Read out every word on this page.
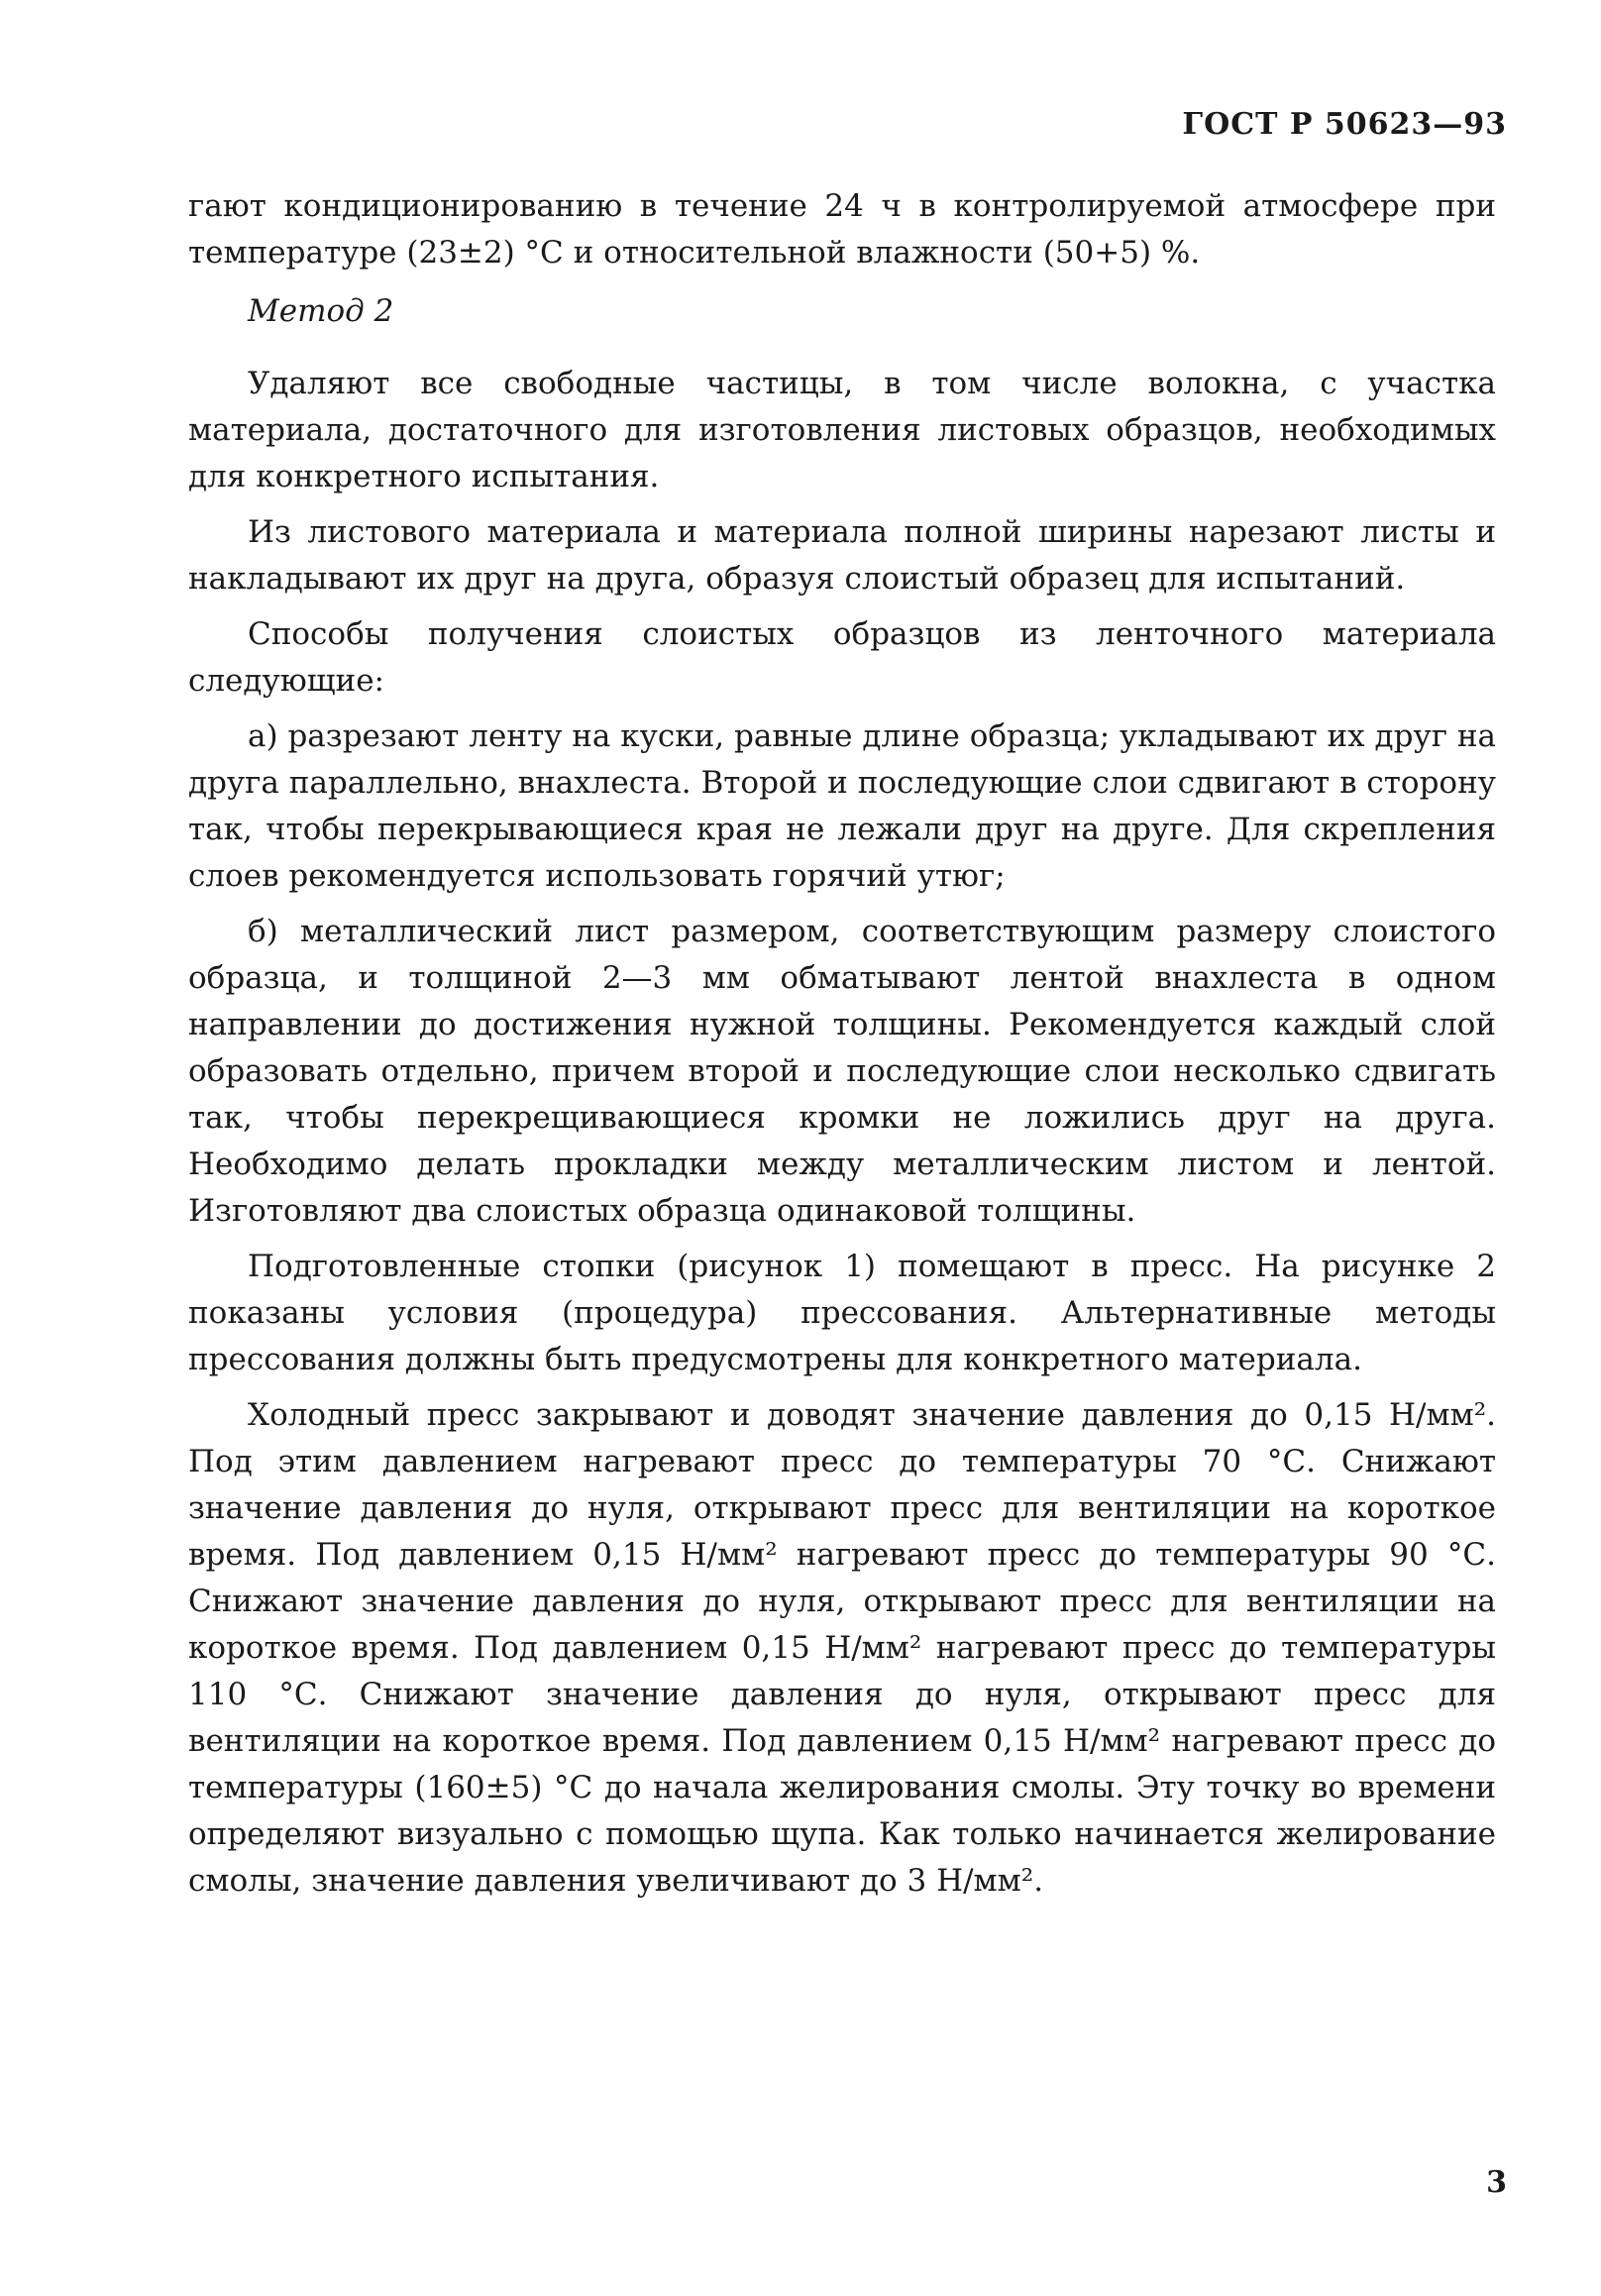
ГОСТ Р 50623—93

гают кондиционированию в течение 24 ч в контролируемой атмосфере при температуре (23±2) °С и относительной влажности (50+5) %.

Метод 2

Удаляют все свободные частицы, в том числе волокна, с участка материала, достаточного для изготовления листовых образцов, необходимых для конкретного испытания.

Из листового материала и материала полной ширины нарезают листы и накладывают их друг на друга, образуя слоистый образец для испытаний.

Способы получения слоистых образцов из ленточного материала следующие:

а) разрезают ленту на куски, равные длине образца; укладывают их друг на друга параллельно, внахлеста. Второй и последующие слои сдвигают в сторону так, чтобы перекрывающиеся края не лежали друг на друге. Для скрепления слоев рекомендуется использовать горячий утюг;

б) металлический лист размером, соответствующим размеру слоистого образца, и толщиной 2—3 мм обматывают лентой внахлеста в одном направлении до достижения нужной толщины. Рекомендуется каждый слой образовать отдельно, причем второй и последующие слои несколько сдвигать так, чтобы перекрещивающиеся кромки не ложились друг на друга. Необходимо делать прокладки между металлическим листом и лентой. Изготовляют два слоистых образца одинаковой толщины.

Подготовленные стопки (рисунок 1) помещают в пресс. На рисунке 2 показаны условия (процедура) прессования. Альтернативные методы прессования должны быть предусмотрены для конкретного материала.

Холодный пресс закрывают и доводят значение давления до 0,15 Н/мм². Под этим давлением нагревают пресс до температуры 70 °С. Снижают значение давления до нуля, открывают пресс для вентиляции на короткое время. Под давлением 0,15 Н/мм² нагревают пресс до температуры 90 °С. Снижают значение давления до нуля, открывают пресс для вентиляции на короткое время. Под давлением 0,15 Н/мм² нагревают пресс до температуры 110 °С. Снижают значение давления до нуля, открывают пресс для вентиляции на короткое время. Под давлением 0,15 Н/мм² нагревают пресс до температуры (160±5) °С до начала желирования смолы. Эту точку во времени определяют визуально с помощью щупа. Как только начинается желирование смолы, значение давления увеличивают до 3 Н/мм².

3
